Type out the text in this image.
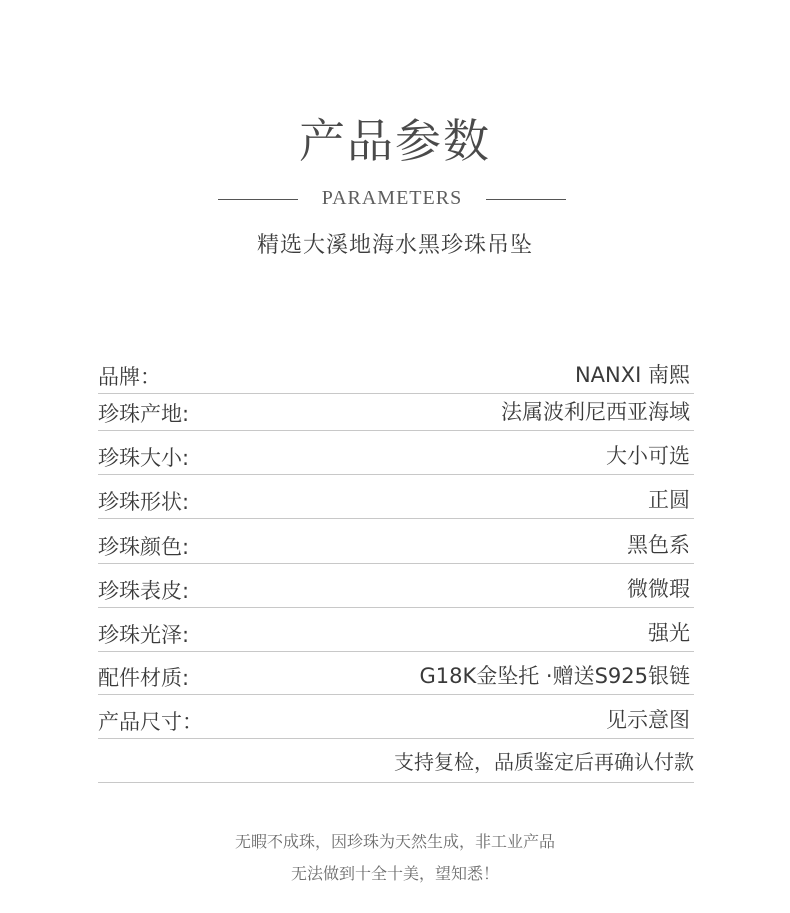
产品参数
PARAMETERS
精选大溪地海水黑珍珠吊坠
品牌：	NANXI 南熙
珍珠产地:	法属波利尼西亚海域
珍珠大小:	大小可选
珍珠形状:	正圆
珍珠颜色:	黑色系
珍珠表皮:	微微瑕
珍珠光泽:	强光
配件材质:	G18K金坠托 ·赠送S925银链
产品尺寸：	见示意图
支持复检，品质鉴定后再确认付款
无暇不成珠，因珍珠为天然生成，非工业产品
无法做到十全十美，望知悉！
